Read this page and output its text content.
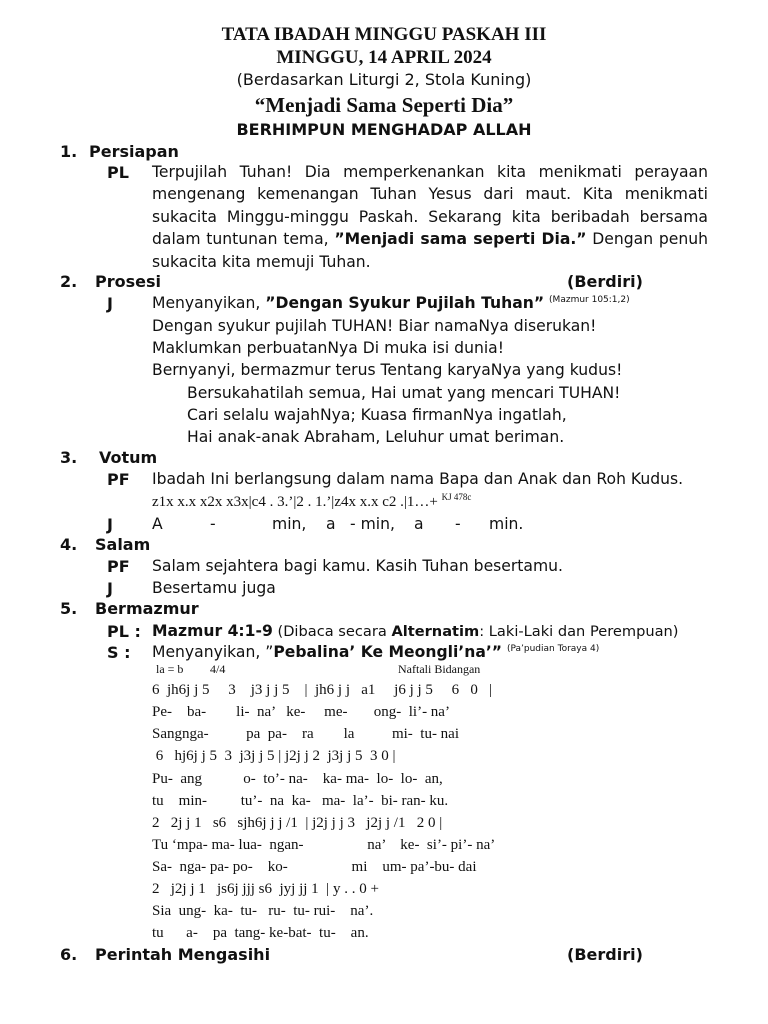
TATA IBADAH MINGGU PASKAH III
MINGGU, 14 APRIL 2024
(Berdasarkan Liturgi 2, Stola Kuning)
“Menjadi Sama Seperti Dia”
BERHIMPUN MENGHADAP ALLAH
1. Persiapan
PL Terpujilah Tuhan! Dia memperkenankan kita menikmati perayaan mengenang kemenangan Tuhan Yesus dari maut. Kita menikmati sukacita Minggu-minggu Paskah. Sekarang kita beribadah bersama dalam tuntunan tema, ”Menjadi sama seperti Dia.” Dengan penuh sukacita kita memuji Tuhan.
2. Prosesi	(Berdiri)
J	Menyanyikan, ”Dengan Syukur Pujilah Tuhan” $^{(Mazmur 105:1,2)}$
Dengan syukur pujilah TUHAN! Biar namaNya diserukan!
Maklumkan perbuatanNya Di muka isi dunia!
Bernyanyi, bermazmur terus Tentang karyaNya yang kudus!
Bersukahatilah semua, Hai umat yang mencari TUHAN!
Cari selalu wajahNya; Kuasa firmanNya ingatlah,
Hai anak-anak Abraham, Leluhur umat beriman.
3. Votum
PF Ibadah Ini berlangsung dalam nama Bapa dan Anak dan Roh Kudus.
z1x x.x x2x x3x|c4 . 3.’|2 . 1.’|z4x x.x c2 .|1…+ $^{KJ 478c}$
J	A	-	min, a - min, a - min.
4. Salam
PF Salam sejahtera bagi kamu. Kasih Tuhan besertamu.
J	Besertamu juga
5. Bermazmur
PL : Mazmur 4:1-9 (Dibaca secara Alternatim: Laki-Laki dan Perempuan)
S : Menyanyikan, ”Pebalina’ Ke Meongli’na’” $^{(Pa’pudian Toraya 4)}$
la = b 4/4	Naftali Bidangan
6  jh6j j 5     3    j3 j j 5    |  jh6 j j   a1     j6 j j 5     6   0   |
Pe-    ba-        li-  na’   ke-     me-       ong-  li’- na’
Sangnga-          pa  pa-    ra        la          mi-  tu- nai
6   hj6j j 5  3  j3j j 5 | j2j j 2  j3j j 5  3 0 |
Pu-  ang           o-  to’- na-    ka- ma-  lo-  lo-  an,
tu    min-         tu’-  na  ka-   ma-  la’-  bi- ran- ku.
2   2j j 1   s6   sjh6j j j /1  | j2j j j 3   j2j j /1   2 0 |
Tu ‘mpa- ma- lua-  ngan-                 na’    ke-  si’- pi’- na’
Sa-  nga- pa- po-    ko-                 mi    um- pa’-bu- dai
2   j2j j 1   js6j jjj s6  jyj jj 1  | y . . 0 +
Sia  ung-  ka-  tu-   ru-  tu- rui-    na’.
tu      a-    pa  tang- ke-bat-  tu-    an.
6. Perintah Mengasihi	(Berdiri)
